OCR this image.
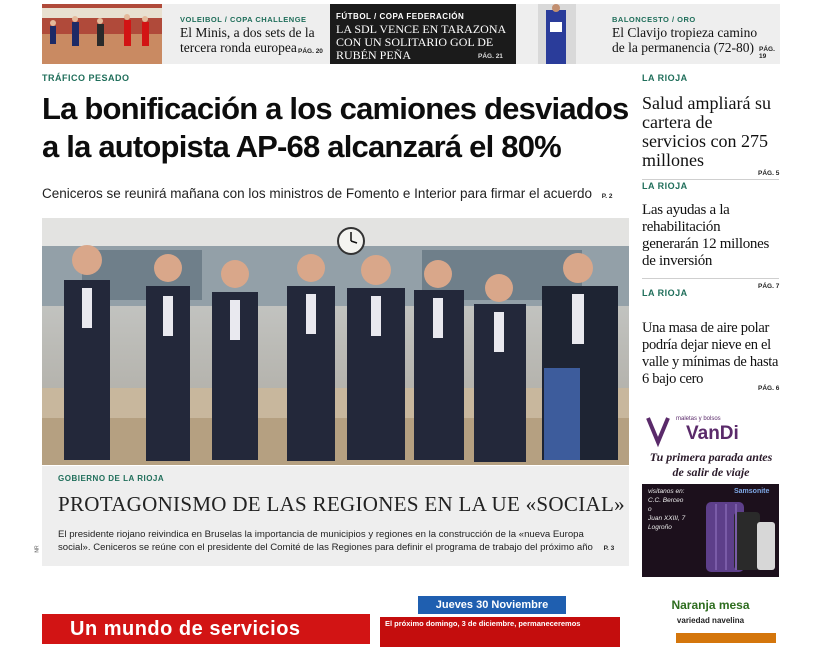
VOLEIBOL / COPA CHALLENGE
El Minis, a dos sets de la tercera ronda europea PÁG. 20
FÚTBOL / COPA FEDERACIÓN
LA SDL VENCE EN TARAZONA CON UN SOLITARIO GOL DE RUBÉN PEÑA	PÁG. 21
BALONCESTO / ORO
El Clavijo tropieza camino de la permanencia (72-80) PÁG. 19
TRÁFICO PESADO
La bonificación a los camiones desviados a la autopista AP-68 alcanzará el 80%
Ceniceros se reunirá mañana con los ministros de Fomento e Interior para firmar el acuerdo P. 2
GOBIERNO DE LA RIOJA
PROTAGONISMO DE LAS REGIONES EN LA UE «SOCIAL»
El presidente riojano reivindica en Bruselas la importancia de municipios y regiones en la construcción de la «nueva Europa social». Ceniceros se reúne con el presidente del Comité de las Regiones para definir el programa de trabajo del próximo año P. 3
NR
LA RIOJA
Salud ampliará su cartera de servicios con 275 millones
PÁG. 5
LA RIOJA
Las ayudas a la rehabilitación generarán 12 millones de inversión
PÁG. 7
LA RIOJA
Una masa de aire polar podría dejar nieve en el valle y mínimas de hasta 6 bajo cero
PÁG. 6
maletas y bolsos
VanDi
Tu primera parada antes de salir de viaje
visítanos en:
C.C. Berceo
o
Juan XXIII, 7
Logroño
Samsonite
Un mundo de servicios
Jueves 30 Noviembre
El próximo domingo, 3 de diciembre, permaneceremos
Naranja mesa
variedad navelina
